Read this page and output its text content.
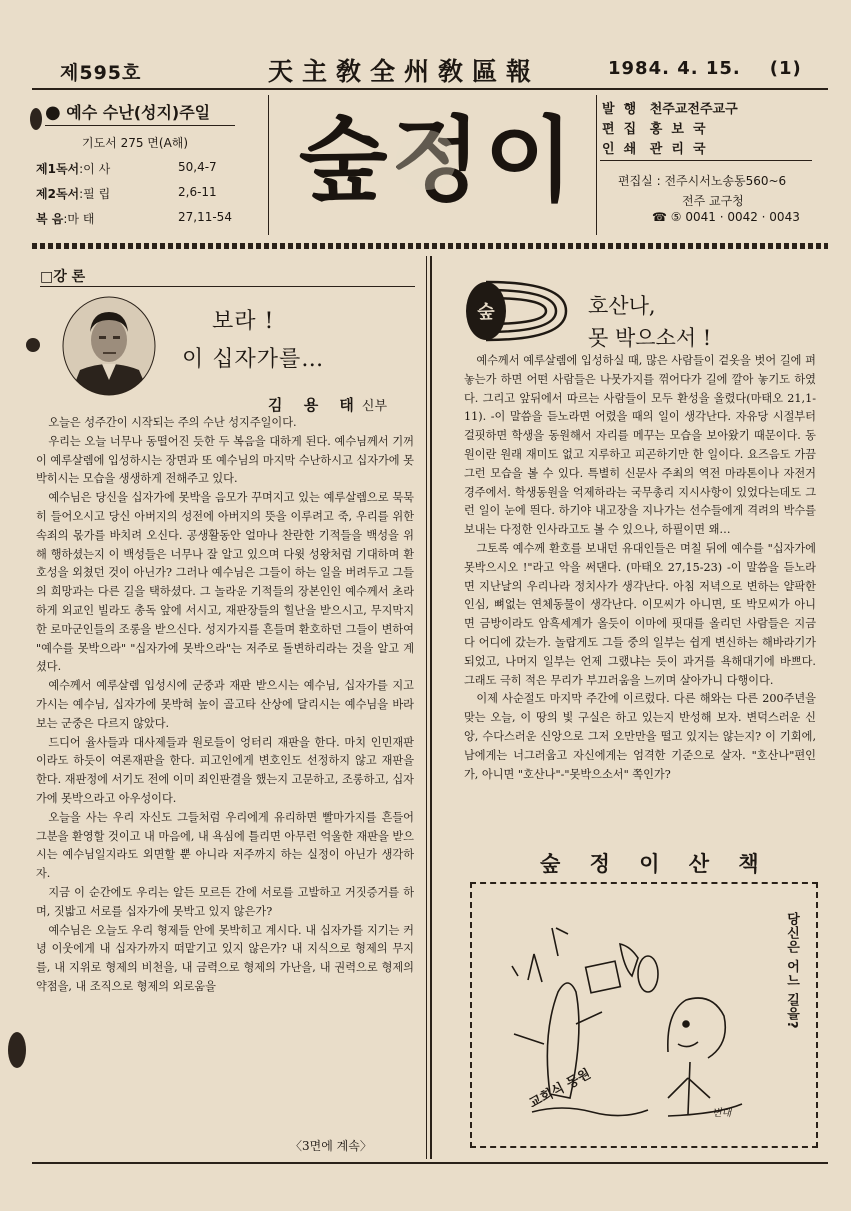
제595호	天主敎全州敎區報	1984. 4. 15.    (1)
● 예수 수난(성지)주일
기도서 275 면(A해)
제1독서:이 사	50,4-7
제2독서:필 립	2,6-11
복 음:마 태	27,11-54
숲정이 발  행 천주교전주교구
편  집 홍  보  국
인  쇄 관  리  국
편집실 : 전주시서노송동560~6
전주 교구청
☎ ⑤ 0041 · 0042 · 0043
□강 론
보라 !
이 십자가를…
김 용 태신부

오늘은 성주간이 시작되는 주의 수난 성지주일이다.

우리는 오늘 너무나 동떨어진 듯한 두 복음을 대하게 된다. 예수님께서 기꺼이 예루살렘에 입성하시는 장면과 또 예수님의 마지막 수난하시고 십자가에 못박히시는 모습을 생생하게 전해주고 있다.

예수님은 당신을 십자가에 못박을 음모가 꾸며지고 있는 예루살렘으로 묵묵히 들어오시고 당신 아버지의 성전에 아버지의 뜻을 이루려고 죽, 우리를 위한 속죄의 몫가를 바치려 오신다. 공생활동안 얼마나 찬란한 기적들을 백성을 위해 행하셨는지 이 백성들은 너무나 잘 알고 있으며 다윗 성왕처럼 기대하며 환호성을 외쳤던 것이 아닌가? 그러나 예수님은 그들이 하는 일을 버려두고 그들의 희망과는 다른 길을 택하셨다. 그 놀라운 기적들의 장본인인 예수께서 초라하게 외교인 빌라도 총독 앞에 서시고, 재판장들의 힐난을 받으시고, 무지막지한 로마군인들의 조롱을 받으신다. 성지가지를 흔들며 환호하던 그들이 변하여 "예수를 못박으라" "십자가에 못박으라"는 저주로 돌변하리라는 것을 알고 계셨다.

예수께서 예루살렘 입성시에 군중과 재판 받으시는 예수님, 십자가를 지고 가시는 예수님, 십자가에 못박혀 높이 골고타 산상에 달리시는 예수님을 바라보는 군중은 다르지 않았다.

드디어 율사들과 대사제들과 원로들이 엉터리 재판을 한다. 마치 인민재판이라도 하듯이 여론재판을 한다. 피고인에게 변호인도 선정하지 않고 재판을 한다. 재판정에 서기도 전에 이미 죄인판결을 했는지 고문하고, 조롱하고, 십자가에 못박으라고 아우성이다.

오늘을 사는 우리 자신도 그들처럼 우리에게 유리하면 빨마가지를 흔들어 그분을 환영할 것이고 내 마음에, 내 욕심에 틀리면 아무런 억울한 재판을 받으시는 예수님일지라도 외면할 뿐 아니라 저주까지 하는 실정이 아닌가 생각하자.

지금 이 순간에도 우리는 알든 모르든 간에 서로를 고발하고 거짓증거를 하며, 짓밟고 서로를 십자가에 못박고 있지 않은가?

예수님은 오늘도 우리 형제들 안에 못박히고 계시다. 내 십자가를 지기는 커녕 이웃에게 내 십자가까지 떠맡기고 있지 않은가? 내 지식으로 형제의 무지를, 내 지위로 형제의 비천을, 내 금력으로 형제의 가난을, 내 권력으로 형제의 약점을, 내 조직으로 형제의 외로움을

〈3면에 계속〉
숲	호산나,
못 박으소서 !

예수께서 예루살렘에 입성하실 때, 많은 사람들이 겉옷을 벗어 길에 펴 놓는가 하면 어떤 사람들은 나뭇가지를 꺾어다가 길에 깔아 놓기도 하였다. 그리고 앞뒤에서 따르는 사람들이 모두 환성을 올렸다(마태오 21,1-11). -이 말씀을 듣노라면 어렸을 때의 일이 생각난다. 자유당 시절부터 걸핏하면 학생을 동원해서 자리를 메꾸는 모습을 보아왔기 때문이다. 동원이란 원래 재미도 없고 지루하고 피곤하기만 한 일이다. 요즈음도 가끔 그런 모습을 볼 수 있다. 특별히 신문사 주최의 역전 마라톤이나 자전거 경주에서. 학생동원을 억제하라는 국무총리 지시사항이 있었다는데도 그런 일이 눈에 띈다. 하기야 내고장을 지나가는 선수들에게 격려의 박수를 보내는 다정한 인사라고도 볼 수 있으나, 하필이면 왜…

그토록 예수께 환호를 보내던 유대인들은 며칠 뒤에 예수를 "십자가에 못박으시오 !"라고 악을 써댄다. (마태오 27,15-23) -이 말씀을 듣노라면 지난날의 우리나라 정치사가 생각난다. 아침 저녁으로 변하는 얄팍한 인심, 뼈없는 연체동물이 생각난다. 이모씨가 아니면, 또 박모씨가 아니면 금방이라도 암흑세계가 올듯이 이마에 핏대를 올리던 사람들은 지금 다 어디에 갔는가. 놀랍게도 그들 중의 일부는 쉽게 변신하는 해바라기가 되었고, 나머지 일부는 언제 그랬냐는 듯이 과거를 욕해대기에 바쁘다. 그래도 극히 적은 무리가 부끄러움을 느끼며 살아가니 다행이다.

이제 사순절도 마지막 주간에 이르렀다. 다른 해와는 다른 200주년을 맞는 오늘, 이 땅의 빛 구실은 하고 있는지 반성해 보자. 변덕스러운 신앙, 수다스러운 신앙으로 그저 오만만을 떨고 있지는 않는지? 이 기회에, 남에게는 너그러웁고 자신에게는 엄격한 기준으로 살자. "호산나"편인가, 아니면 "호산나"-"못박으소서" 쪽인가?

숲 정 이 산 책
교회식 동원
당신은 어느 길을?
변대
